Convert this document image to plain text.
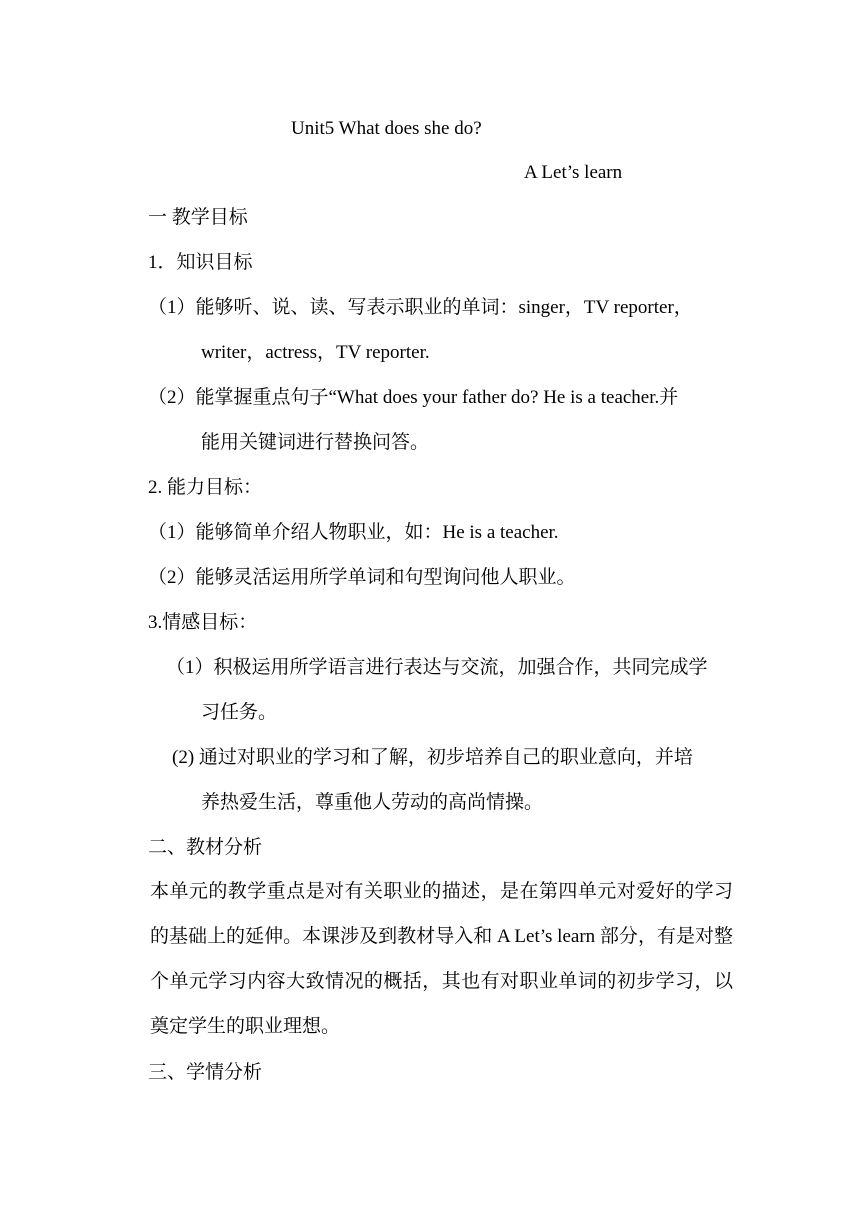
Unit5 What does she do?
A Let’s learn
一 教学目标
1．知识目标
（1）能够听、说、读、写表示职业的单词：singer，TV reporter，
writer，actress，TV reporter.
（2）能掌握重点句子“What does your father do? He is a teacher.并
能用关键词进行替换问答。
2. 能力目标：
（1）能够简单介绍人物职业，如：He is a teacher.
（2）能够灵活运用所学单词和句型询问他人职业。
3.情感目标：
（1）积极运用所学语言进行表达与交流，加强合作，共同完成学
习任务。
(2) 通过对职业的学习和了解，初步培养自己的职业意向，并培
养热爱生活，尊重他人劳动的高尚情操。
二、教材分析
本单元的教学重点是对有关职业的描述，是在第四单元对爱好的学习的基础上的延伸。本课涉及到教材导入和 A Let’s learn 部分，有是对整个单元学习内容大致情况的概括，其也有对职业单词的初步学习，以奠定学生的职业理想。
三、学情分析
